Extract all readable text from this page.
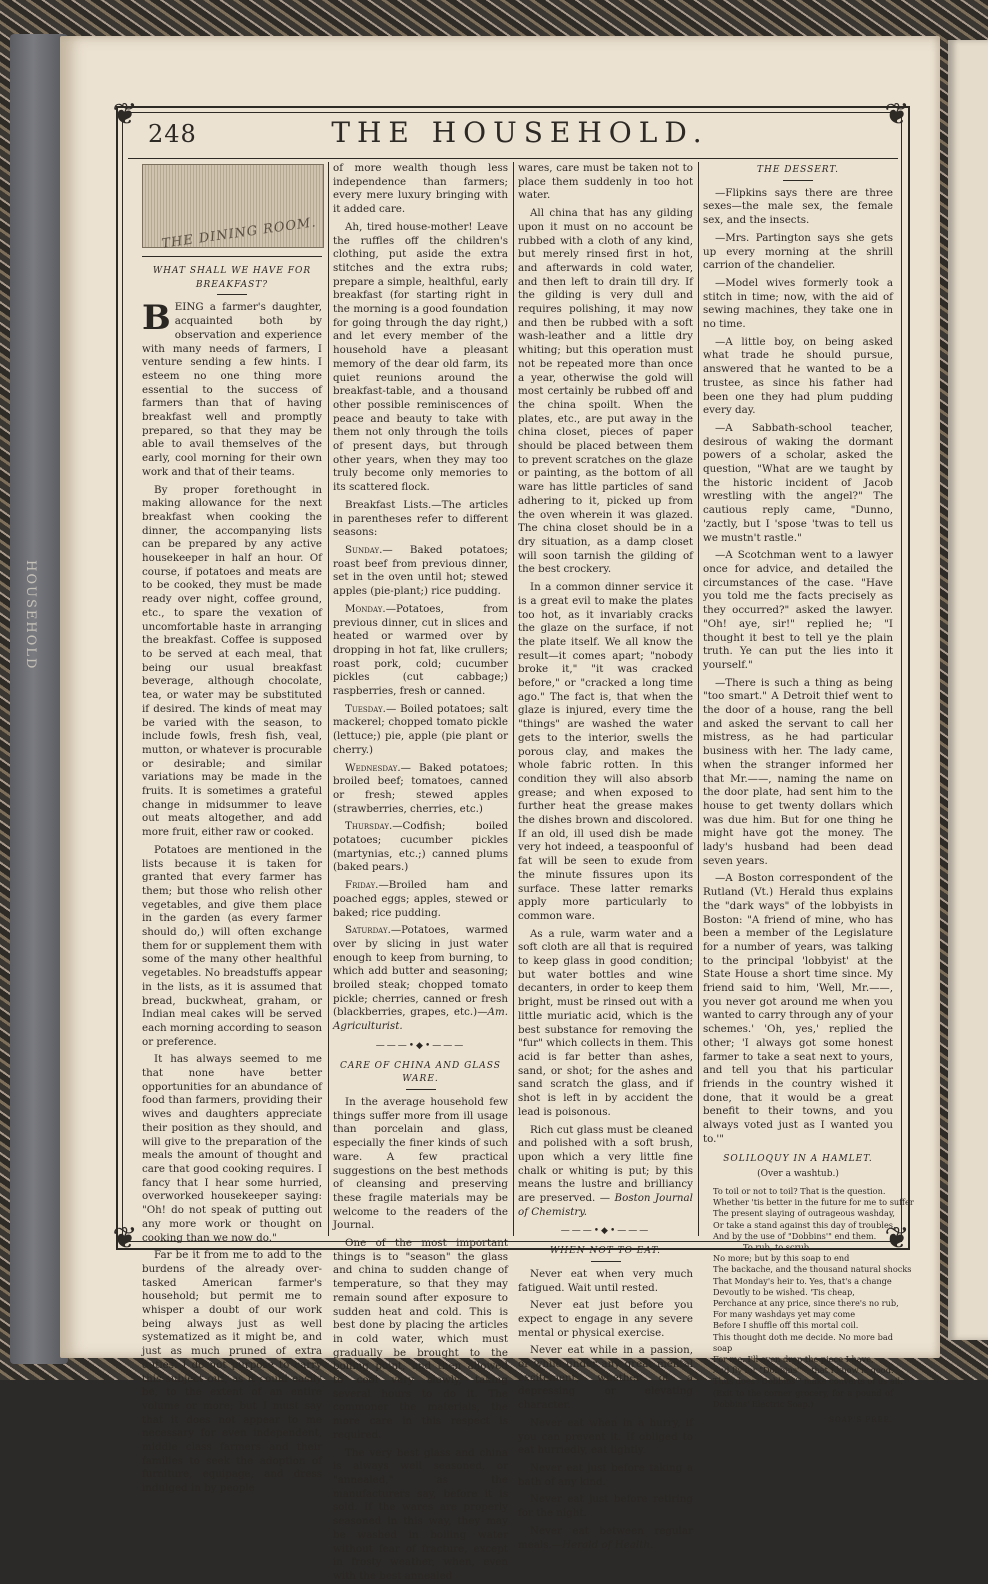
HOUSEHOLD
❦	❦
❦	❦
248	THE HOUSEHOLD.
THE DINING ROOM.
WHAT SHALL WE HAVE FOR BREAKFAST?

BEING a farmer's daughter, acquainted both by observation and experience with many needs of farmers, I venture sending a few hints. I esteem no one thing more essential to the success of farmers than that of having breakfast well and promptly prepared, so that they may be able to avail themselves of the early, cool morning for their own work and that of their teams.

By proper forethought in making allowance for the next breakfast when cooking the dinner, the accompanying lists can be prepared by any active housekeeper in half an hour. Of course, if potatoes and meats are to be cooked, they must be made ready over night, coffee ground, etc., to spare the vexation of uncomfortable haste in arranging the breakfast. Coffee is supposed to be served at each meal, that being our usual breakfast beverage, although chocolate, tea, or water may be substituted if desired. The kinds of meat may be varied with the season, to include fowls, fresh fish, veal, mutton, or whatever is procurable or desirable; and similar variations may be made in the fruits. It is sometimes a grateful change in midsummer to leave out meats altogether, and add more fruit, either raw or cooked.

Potatoes are mentioned in the lists because it is taken for granted that every farmer has them; but those who relish other vegetables, and give them place in the garden (as every farmer should do,) will often exchange them for or supplement them with some of the many other healthful vegetables. No breadstuffs appear in the lists, as it is assumed that bread, buckwheat, graham, or Indian meal cakes will be served each morning according to season or preference.

It has always seemed to me that none have better opportunities for an abundance of food than farmers, providing their wives and daughters appreciate their position as they should, and will give to the preparation of the meals the amount of thought and care that good cooking requires. I fancy that I hear some hurried, overworked housekeeper saying: "Oh! do not speak of putting out any more work or thought on cooking than we now do."

Far be it from me to add to the burdens of the already over-tasked American farmer's household; but permit me to whisper a doubt of our work being always just as well systematized as it might be, and just as much pruned of extra duties. I do not purpose to carry this subject out, as it could easily be, to the extent of an entire volume or more; but I must say that it does not appear to me necessary for even independent, middle class farmers and their families to seek the adoption of furniture, equipage, and dress indulged in by people

of more wealth though less independence than farmers; every mere luxury bringing with it added care.

Ah, tired house-mother! Leave the ruffles off the children's clothing, put aside the extra stitches and the extra rubs; prepare a simple, healthful, early breakfast (for starting right in the morning is a good foundation for going through the day right,) and let every member of the household have a pleasant memory of the dear old farm, its quiet reunions around the breakfast-table, and a thousand other possible reminiscences of peace and beauty to take with them not only through the toils of present days, but through other years, when they may too truly become only memories to its scattered flock.

Breakfast Lists.—The articles in parentheses refer to different seasons:

Sunday.— Baked potatoes; roast beef from previous dinner, set in the oven until hot; stewed apples (pie-plant;) rice pudding.

Monday.—Potatoes, from previous dinner, cut in slices and heated or warmed over by dropping in hot fat, like crullers; roast pork, cold; cucumber pickles (cut cabbage;) raspberries, fresh or canned.

Tuesday.— Boiled potatoes; salt mackerel; chopped tomato pickle (lettuce;) pie, apple (pie plant or cherry.)

Wednesday.— Baked potatoes; broiled beef; tomatoes, canned or fresh; stewed apples (strawberries, cherries, etc.)

Thursday.—Codfish; boiled potatoes; cucumber pickles (martynias, etc.;) canned plums (baked pears.)

Friday.—Broiled ham and poached eggs; apples, stewed or baked; rice pudding.

Saturday.—Potatoes, warmed over by slicing in just water enough to keep from burning, to which add butter and seasoning; broiled steak; chopped tomato pickle; cherries, canned or fresh (blackberries, grapes, etc.)—Am. Agriculturist.

———•◆•———
CARE OF CHINA AND GLASS WARE.

In the average household few things suffer more from ill usage than porcelain and glass, especially the finer kinds of such ware. A few practical suggestions on the best methods of cleansing and preserving these fragile materials may be welcome to the readers of the Journal.

One of the most important things is to "season" the glass and china to sudden change of temperature, so that they may remain sound after exposure to sudden heat and cold. This is best done by placing the articles in cold water, which must gradually be brought to the boiling point, and then allowed to cool very slowly, taking several hours to do it. The commoner the materials, the more care in this respect is required.

The very best glass and china is always well seasoned, or "annealed," as the manufacturers say, before it is sold. If the wares are properly seasoned in this way, they may be washed in boiling water without fear of fracture, except in frosty weather, when, even with the best annealed

wares, care must be taken not to place them suddenly in too hot water.

All china that has any gilding upon it must on no account be rubbed with a cloth of any kind, but merely rinsed first in hot, and afterwards in cold water, and then left to drain till dry. If the gilding is very dull and requires polishing, it may now and then be rubbed with a soft wash-leather and a little dry whiting; but this operation must not be repeated more than once a year, otherwise the gold will most certainly be rubbed off and the china spoilt. When the plates, etc., are put away in the china closet, pieces of paper should be placed between them to prevent scratches on the glaze or painting, as the bottom of all ware has little particles of sand adhering to it, picked up from the oven wherein it was glazed. The china closet should be in a dry situation, as a damp closet will soon tarnish the gilding of the best crockery.

In a common dinner service it is a great evil to make the plates too hot, as it invariably cracks the glaze on the surface, if not the plate itself. We all know the result—it comes apart; "nobody broke it," "it was cracked before," or "cracked a long time ago." The fact is, that when the glaze is injured, every time the "things" are washed the water gets to the interior, swells the porous clay, and makes the whole fabric rotten. In this condition they will also absorb grease; and when exposed to further heat the grease makes the dishes brown and discolored. If an old, ill used dish be made very hot indeed, a teaspoonful of fat will be seen to exude from the minute fissures upon its surface. These latter remarks apply more particularly to common ware.

As a rule, warm water and a soft cloth are all that is required to keep glass in good condition; but water bottles and wine decanters, in order to keep them bright, must be rinsed out with a little muriatic acid, which is the best substance for removing the "fur" which collects in them. This acid is far better than ashes, sand, or shot; for the ashes and sand scratch the glass, and if shot is left in by accident the lead is poisonous.

Rich cut glass must be cleaned and polished with a soft brush, upon which a very little fine chalk or whiting is put; by this means the lustre and brilliancy are preserved. — Boston Journal of Chemistry.

———•◆•———
WHEN NOT TO EAT.

Never eat when very much fatigued. Wait until rested.

Never eat just before you expect to engage in any severe mental or physical exercise.

Never eat while in a passion, or while under any great mental excitement, whether of a depressing or elevating character.

Never eat when in a hurry, if you can prevent it. If obliged to eat hurriedly, eat lightly.

Never eat just before taking a bath of any kind.

Never eat just before retiring for the night.

Never eat between regular meals.—Herald of Health.

THE DESSERT.

—Flipkins says there are three sexes—the male sex, the female sex, and the insects.

—Mrs. Partington says she gets up every morning at the shrill carrion of the chandelier.

—Model wives formerly took a stitch in time; now, with the aid of sewing machines, they take one in no time.

—A little boy, on being asked what trade he should pursue, answered that he wanted to be a trustee, as since his father had been one they had plum pudding every day.

—A Sabbath-school teacher, desirous of waking the dormant powers of a scholar, asked the question, "What are we taught by the historic incident of Jacob wrestling with the angel?" The cautious reply came, "Dunno, 'zactly, but I 'spose 'twas to tell us we mustn't rastle."

—A Scotchman went to a lawyer once for advice, and detailed the circumstances of the case. "Have you told me the facts precisely as they occurred?" asked the lawyer. "Oh! aye, sir!" replied he; "I thought it best to tell ye the plain truth. Ye can put the lies into it yourself."

—There is such a thing as being "too smart." A Detroit thief went to the door of a house, rang the bell and asked the servant to call her mistress, as he had particular business with her. The lady came, when the stranger informed her that Mr.——, naming the name on the door plate, had sent him to the house to get twenty dollars which was due him. But for one thing he might have got the money. The lady's husband had been dead seven years.

—A Boston correspondent of the Rutland (Vt.) Herald thus explains the "dark ways" of the lobbyists in Boston: "A friend of mine, who has been a member of the Legislature for a number of years, was talking to the principal 'lobbyist' at the State House a short time since. My friend said to him, 'Well, Mr.——, you never got around me when you wanted to carry through any of your schemes.' 'Oh, yes,' replied the other; 'I always got some honest farmer to take a seat next to yours, and tell you that his particular friends in the country wished it done, that it would be a great benefit to their towns, and you always voted just as I wanted you to.'"

SOLILOQUY IN A HAMLET.
(Over a washtub.)
To toil or not to toil? That is the question.
Whether 'tis better in the future for me to suffer
The present slaying of outrageous washday,
Or take a stand against this day of troubles,
And by the use of "Dobbins'" end them.
To rub, to scrub
No more; but by this soap to end
The backache, and the thousand natural shocks
That Monday's heir to. Yes, that's a change
Devoutly to be wished. 'Tis cheap,
Perchance at any price, since there's no rub,
For many washdays yet may come
Before I shuffle off this mortal coil.
This thought doth me decide. No more bad soap
For me. I'll even drop the piece I have,
And fly for "Dobbins'"—that I know is good.
Thus does "Dobbins'" make converts of us all.
(Exit to the corner grocery, for a pound of Dobbins' Electric Soap.)
SOAP'S FREE.
